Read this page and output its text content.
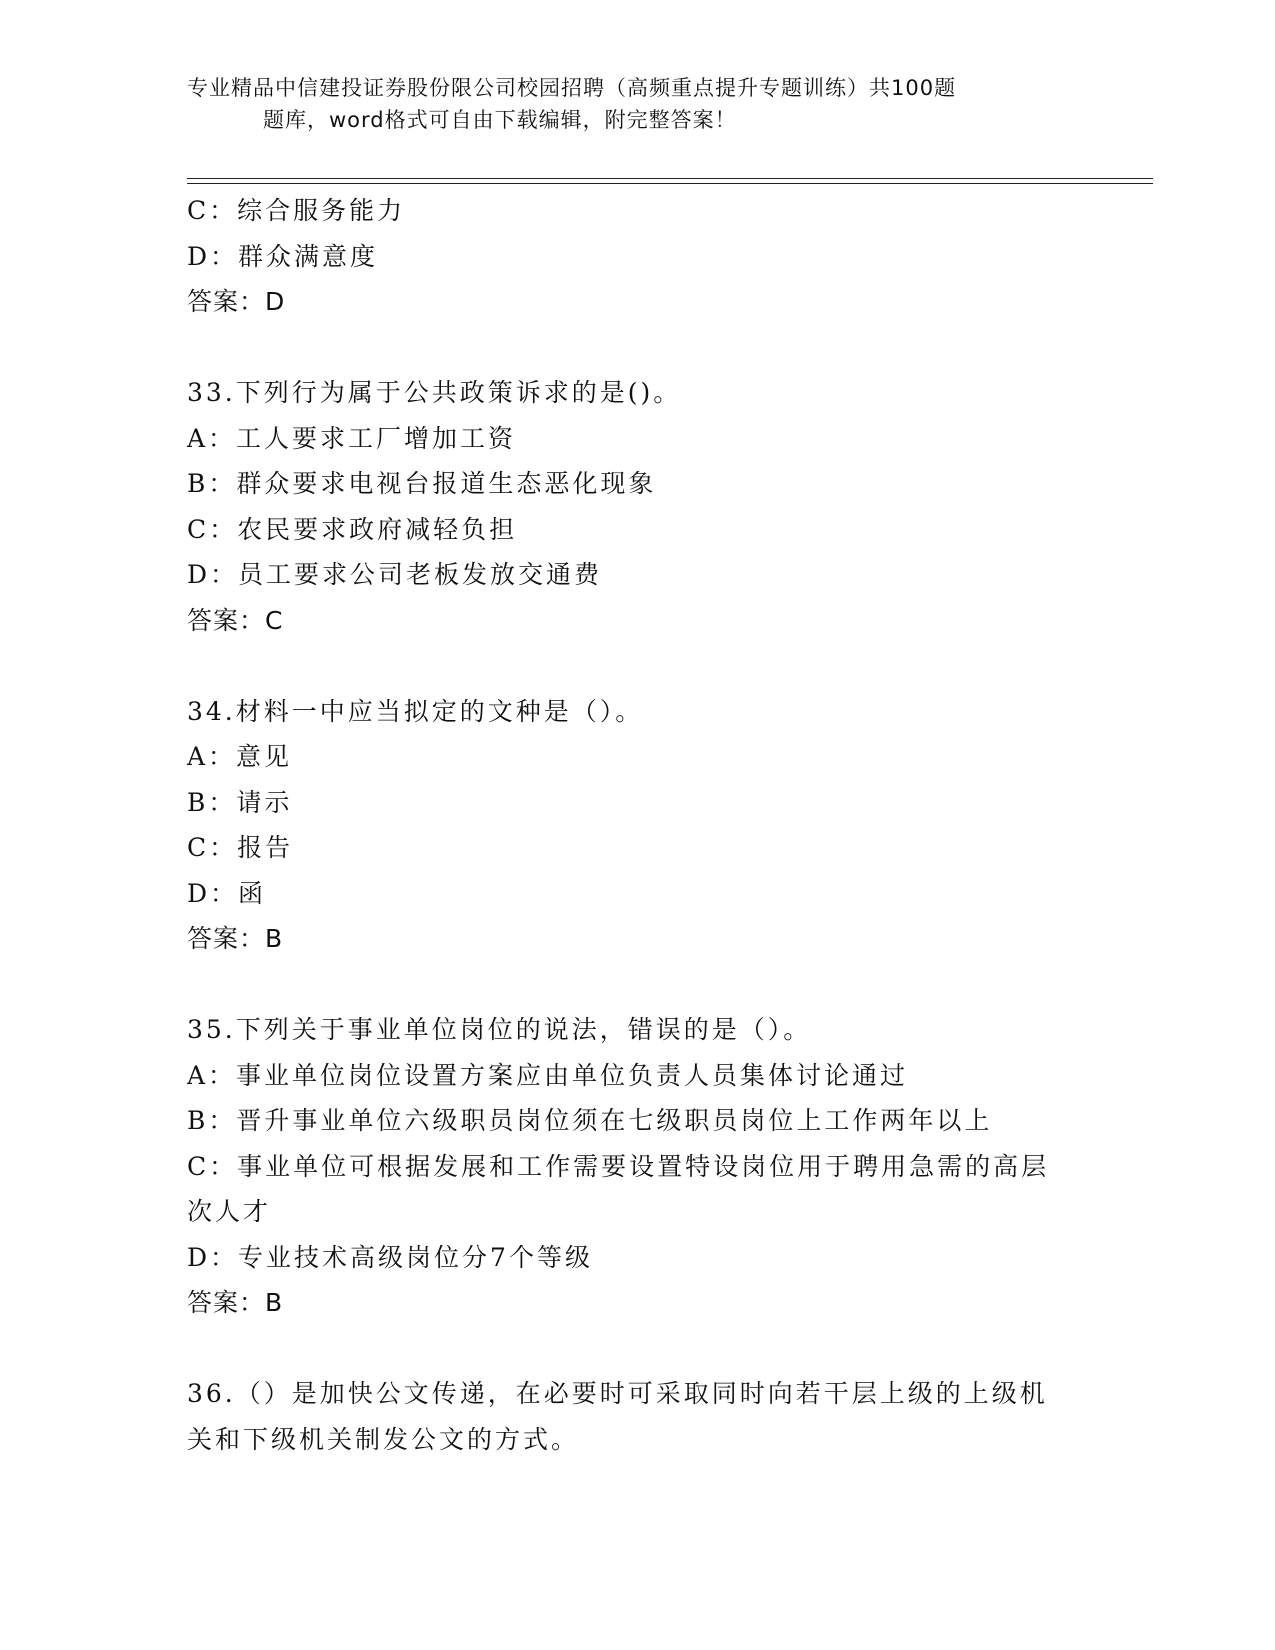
专业精品中信建投证券股份限公司校园招聘（高频重点提升专题训练）共100题
题库，word格式可自由下载编辑，附完整答案！
C：综合服务能力
D：群众满意度
答案：D
33.下列行为属于公共政策诉求的是()。
A：工人要求工厂增加工资
B：群众要求电视台报道生态恶化现象
C：农民要求政府减轻负担
D：员工要求公司老板发放交通费
答案：C
34.材料一中应当拟定的文种是（）。
A：意见
B：请示
C：报告
D：函
答案：B
35.下列关于事业单位岗位的说法，错误的是（）。
A：事业单位岗位设置方案应由单位负责人员集体讨论通过
B：晋升事业单位六级职员岗位须在七级职员岗位上工作两年以上
C：事业单位可根据发展和工作需要设置特设岗位用于聘用急需的高层
次人才
D：专业技术高级岗位分7个等级
答案：B
36.（）是加快公文传递，在必要时可采取同时向若干层上级的上级机
关和下级机关制发公文的方式。
